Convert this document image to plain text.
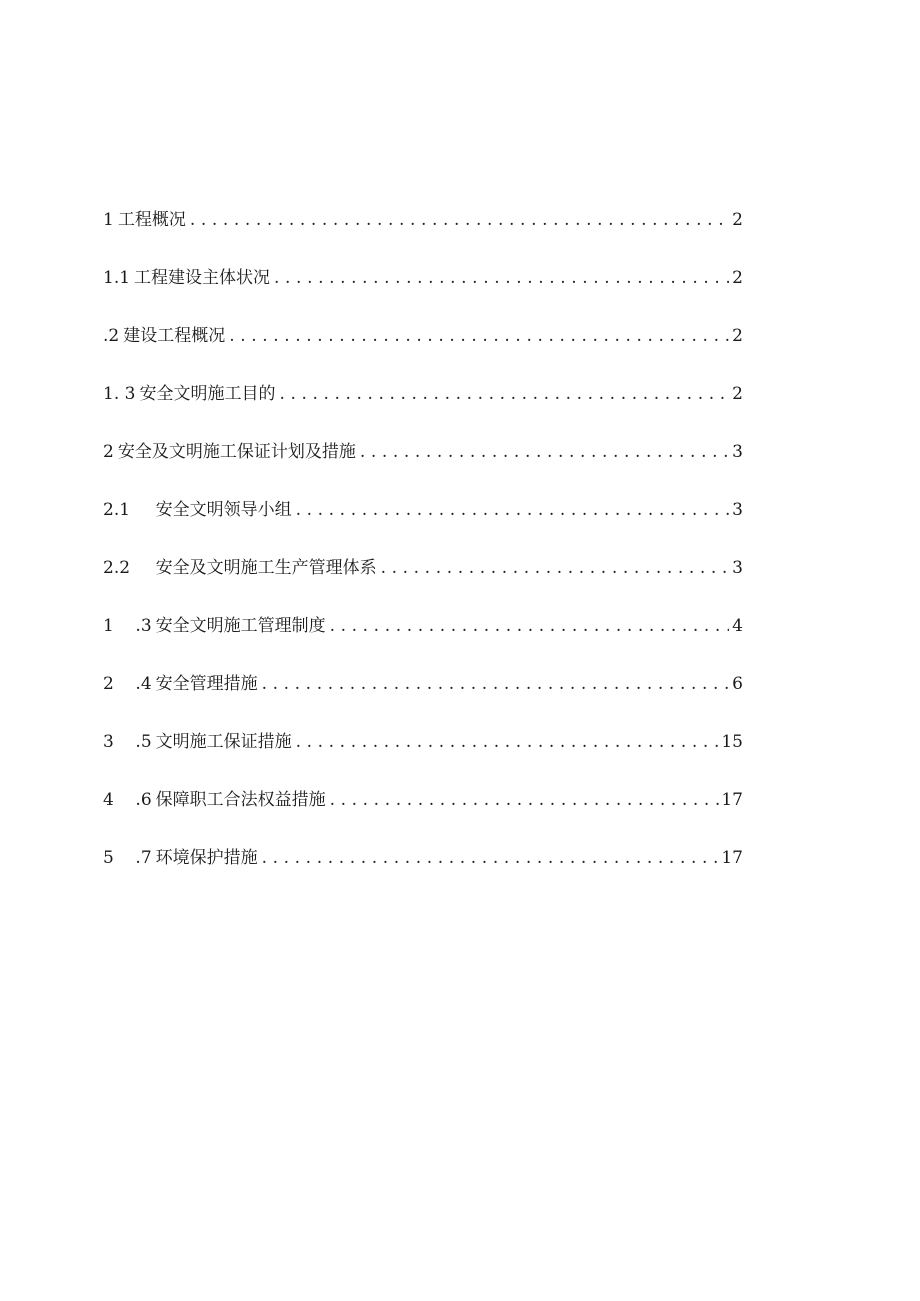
1 工程概况 . . .	2
1.1 工程建设主体状况 . . .	2
.2 建设工程概况 . . .	2
1. 3 安全文明施工目的 . . .	2
2 安全及文明施工保证计划及措施 . . .	3
2.1 安全文明领导小组 . . .	3
2.2 安全及文明施工生产管理体系 . . .	3
1    .3 安全文明施工管理制度 . . .	4
2    .4 安全管理措施 . . .	6
3    .5 文明施工保证措施 . . .	15
4    .6 保障职工合法权益措施 . . .	17
5    .7 环境保护措施 . . .	17
